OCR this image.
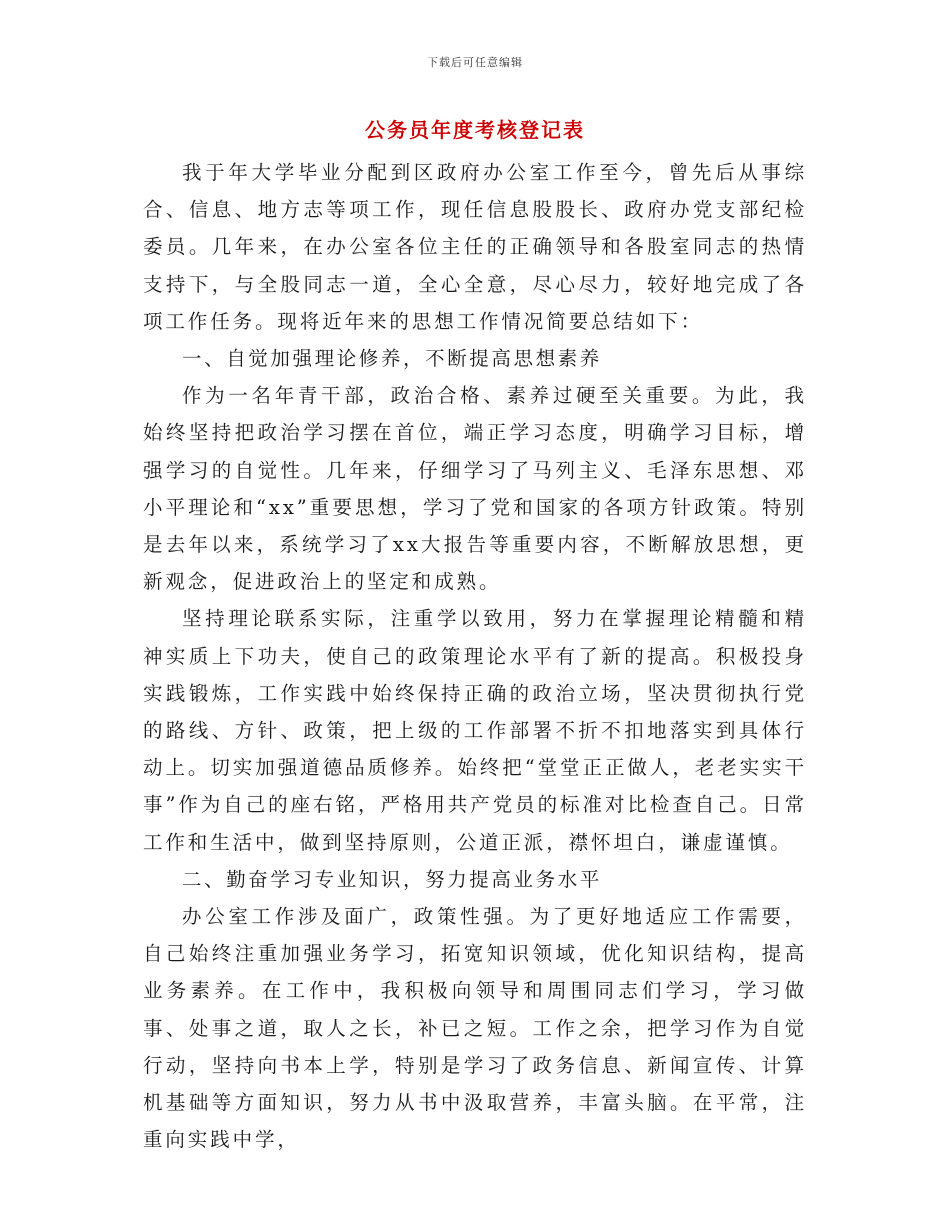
下载后可任意编辑
公务员年度考核登记表

我于年大学毕业分配到区政府办公室工作至今，曾先后从事综合、信息、地方志等项工作，现任信息股股长、政府办党支部纪检委员。几年来，在办公室各位主任的正确领导和各股室同志的热情支持下，与全股同志一道，全心全意，尽心尽力，较好地完成了各项工作任务。现将近年来的思想工作情况简要总结如下：

一、自觉加强理论修养，不断提高思想素养

作为一名年青干部，政治合格、素养过硬至关重要。为此，我始终坚持把政治学习摆在首位，端正学习态度，明确学习目标，增强学习的自觉性。几年来，仔细学习了马列主义、毛泽东思想、邓小平理论和“xx”重要思想，学习了党和国家的各项方针政策。特别是去年以来，系统学习了xx大报告等重要内容，不断解放思想，更新观念，促进政治上的坚定和成熟。

坚持理论联系实际，注重学以致用，努力在掌握理论精髓和精神实质上下功夫，使自己的政策理论水平有了新的提高。积极投身实践锻炼，工作实践中始终保持正确的政治立场，坚决贯彻执行党的路线、方针、政策，把上级的工作部署不折不扣地落实到具体行动上。切实加强道德品质修养。始终把“堂堂正正做人，老老实实干事”作为自己的座右铭，严格用共产党员的标准对比检查自己。日常工作和生活中，做到坚持原则，公道正派，襟怀坦白，谦虚谨慎。

二、勤奋学习专业知识，努力提高业务水平

办公室工作涉及面广，政策性强。为了更好地适应工作需要，自己始终注重加强业务学习，拓宽知识领域，优化知识结构，提高业务素养。在工作中，我积极向领导和周围同志们学习，学习做事、处事之道，取人之长，补已之短。工作之余，把学习作为自觉行动，坚持向书本上学，特别是学习了政务信息、新闻宣传、计算机基础等方面知识，努力从书中汲取营养，丰富头脑。在平常，注重向实践中学，
